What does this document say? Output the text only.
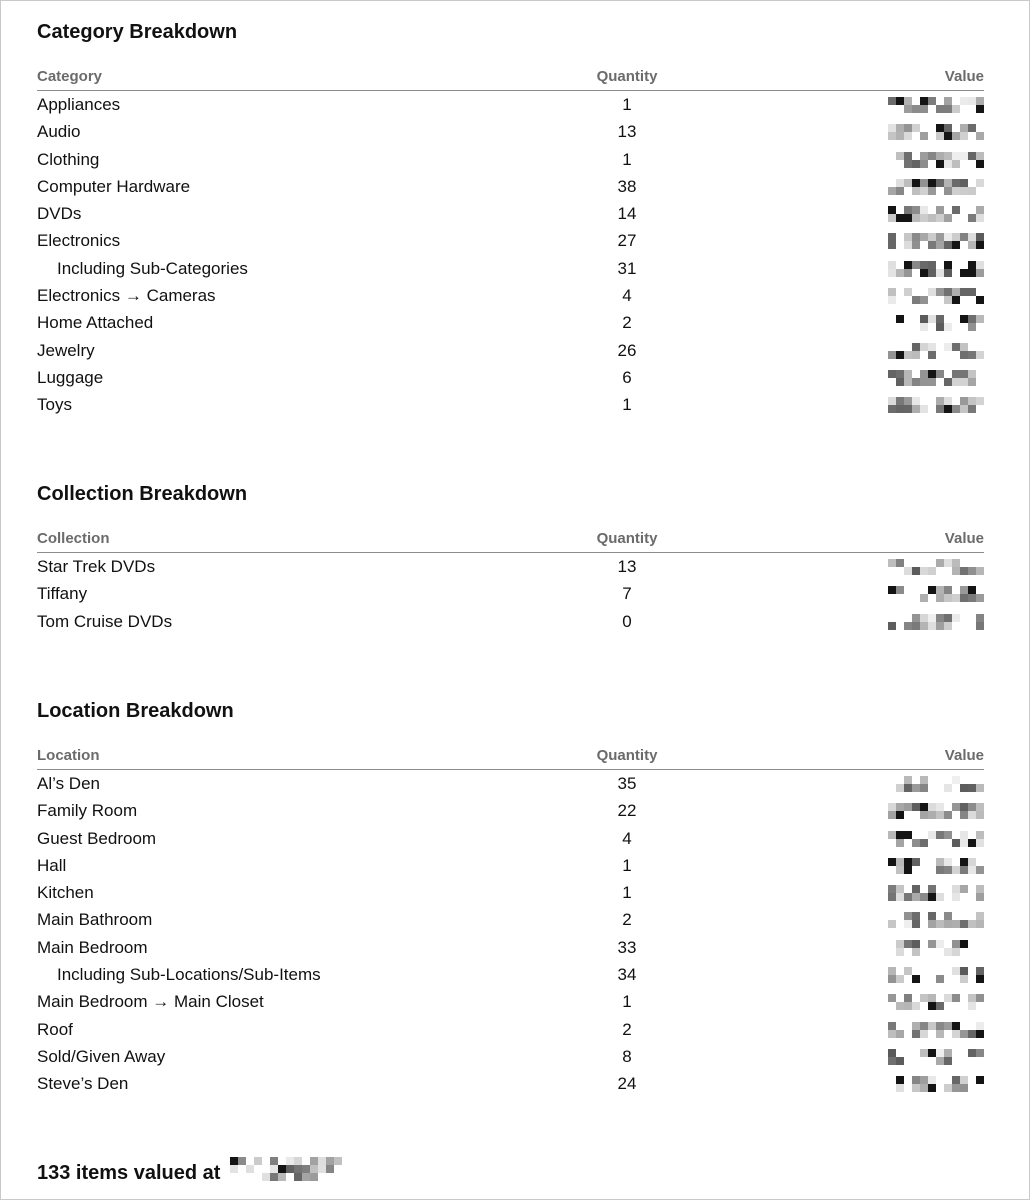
Category Breakdown
Category	Quantity	Value
Appliances	1
Audio	13
Clothing	1
Computer Hardware	38
DVDs	14
Electronics	27
Including Sub-Categories	31
Electronics → Cameras	4
Home Attached	2
Jewelry	26
Luggage	6
Toys	1
Collection Breakdown
Collection	Quantity	Value
Star Trek DVDs	13
Tiffany	7
Tom Cruise DVDs	0
Location Breakdown
Location	Quantity	Value
Al’s Den	35
Family Room	22
Guest Bedroom	4
Hall	1
Kitchen	1
Main Bathroom	2
Main Bedroom	33
Including Sub-Locations/Sub-Items	34
Main Bedroom → Main Closet	1
Roof	2
Sold/Given Away	8
Steve’s Den	24
133 items valued at
